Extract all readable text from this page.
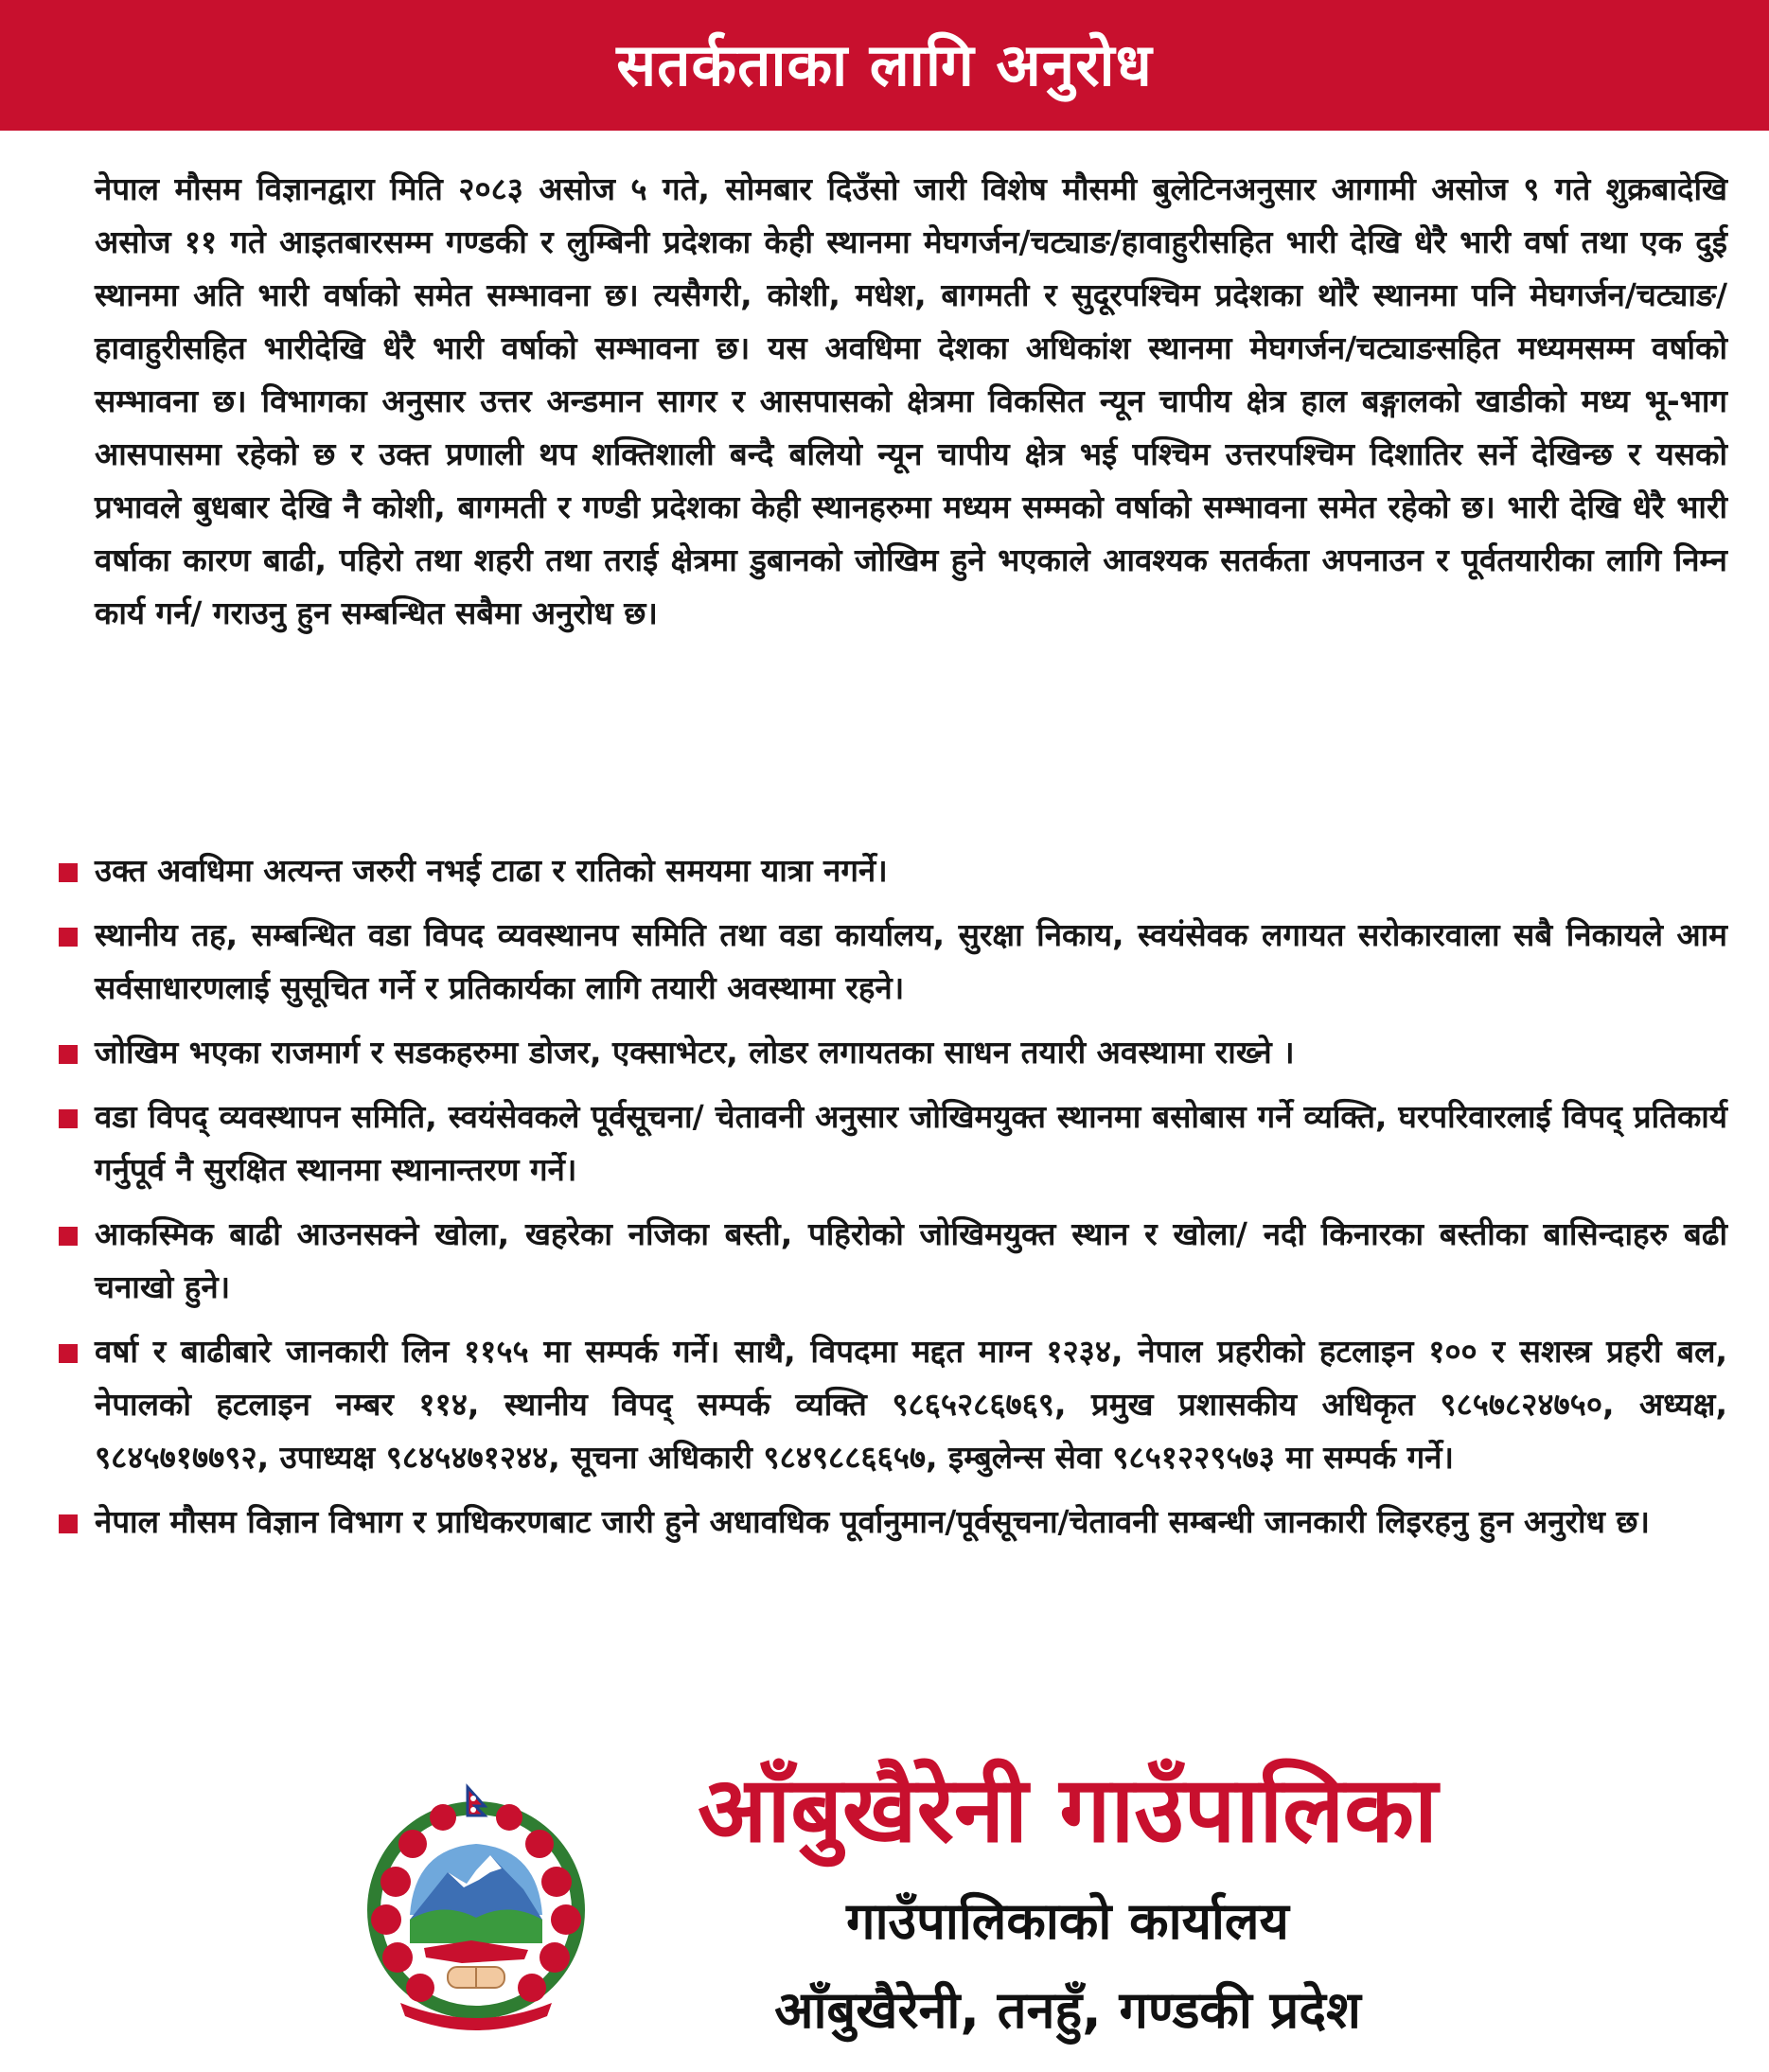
सतर्कताका लागि अनुरोध

नेपाल मौसम विज्ञानद्वारा मिति २०८३ असोज ५ गते, सोमबार दिउँसो जारी विशेष मौसमी बुलेटिनअनुसार आगामी असोज ९ गते शुक्रबादेखि असोज ११ गते आइतबारसम्म गण्डकी र लुम्बिनी प्रदेशका केही स्थानमा मेघगर्जन/चट्याङ/हावाहुरीसहित भारी देखि धेरै भारी वर्षा तथा एक दुई स्थानमा अति भारी वर्षाको समेत सम्भावना छ। त्यसैगरी, कोशी, मधेश, बागमती र सुदूरपश्चिम प्रदेशका थोरै स्थानमा पनि मेघगर्जन/चट्याङ/हावाहुरीसहित भारीदेखि धेरै भारी वर्षाको सम्भावना छ। यस अवधिमा देशका अधिकांश स्थानमा मेघगर्जन/चट्याङसहित मध्यमसम्म वर्षाको सम्भावना छ। विभागका अनुसार उत्तर अन्डमान सागर र आसपासको क्षेत्रमा विकसित न्यून चापीय क्षेत्र हाल बङ्गालको खाडीको मध्य भू-भाग आसपासमा रहेको छ र उक्त प्रणाली थप शक्तिशाली बन्दै बलियो न्यून चापीय क्षेत्र भई पश्चिम उत्तरपश्चिम दिशातिर सर्ने देखिन्छ र यसको प्रभावले बुधबार देखि नै कोशी, बागमती र गण्डी प्रदेशका केही स्थानहरुमा मध्यम सम्मको वर्षाको सम्भावना समेत रहेको छ। भारी देखि धेरै भारी वर्षाका कारण बाढी, पहिरो तथा शहरी तथा तराई क्षेत्रमा डुबानको जोखिम हुने भएकाले आवश्यक सतर्कता अपनाउन र पूर्वतयारीका लागि निम्न कार्य गर्न/ गराउनु हुन सम्बन्धित सबैमा अनुरोध छ।

उक्त अवधिमा अत्यन्त जरुरी नभई टाढा र रातिको समयमा यात्रा नगर्ने।
स्थानीय तह, सम्बन्धित वडा विपद व्यवस्थानप समिति तथा वडा कार्यालय, सुरक्षा निकाय, स्वयंसेवक लगायत सरोकारवाला सबै निकायले आम सर्वसाधारणलाई सुसूचित गर्ने र प्रतिकार्यका लागि तयारी अवस्थामा रहने।
जोखिम भएका राजमार्ग र सडकहरुमा डोजर, एक्साभेटर, लोडर लगायतका साधन तयारी अवस्थामा राख्ने ।
वडा विपद् व्यवस्थापन समिति, स्वयंसेवकले पूर्वसूचना/ चेतावनी अनुसार जोखिमयुक्त स्थानमा बसोबास गर्ने व्यक्ति, घरपरिवारलाई विपद् प्रतिकार्य गर्नुपूर्व नै सुरक्षित स्थानमा स्थानान्तरण गर्ने।
आकस्मिक बाढी आउनसक्ने खोला, खहरेका नजिका बस्ती, पहिरोको जोखिमयुक्त स्थान र खोला/ नदी किनारका बस्तीका बासिन्दाहरु बढी चनाखो हुने।
वर्षा र बाढीबारे जानकारी लिन ११५५ मा सम्पर्क गर्ने। साथै, विपदमा मद्दत माग्न १२३४, नेपाल प्रहरीको हटलाइन १०० र सशस्त्र प्रहरी बल, नेपालको हटलाइन नम्बर ११४, स्थानीय विपद् सम्पर्क व्यक्ति ९८६५२८६७६९, प्रमुख प्रशासकीय अधिकृत ९८५७८२४७५०, अध्यक्ष, ९८४५७१७७९२, उपाध्यक्ष ९८४५४७१२४४, सूचना अधिकारी ९८४९८८६६५७, इम्बुलेन्स सेवा ९८५१२२९५७३ मा सम्पर्क गर्ने।
नेपाल मौसम विज्ञान विभाग र प्राधिकरणबाट जारी हुने अधावधिक पूर्वानुमान/पूर्वसूचना/चेतावनी सम्बन्धी जानकारी लिइरहनु हुन अनुरोध छ।
आँबुखैरेनी गाउँपालिका
गाउँपालिकाको कार्यालय
आँबुखैरेनी, तनहुँ, गण्डकी प्रदेश
